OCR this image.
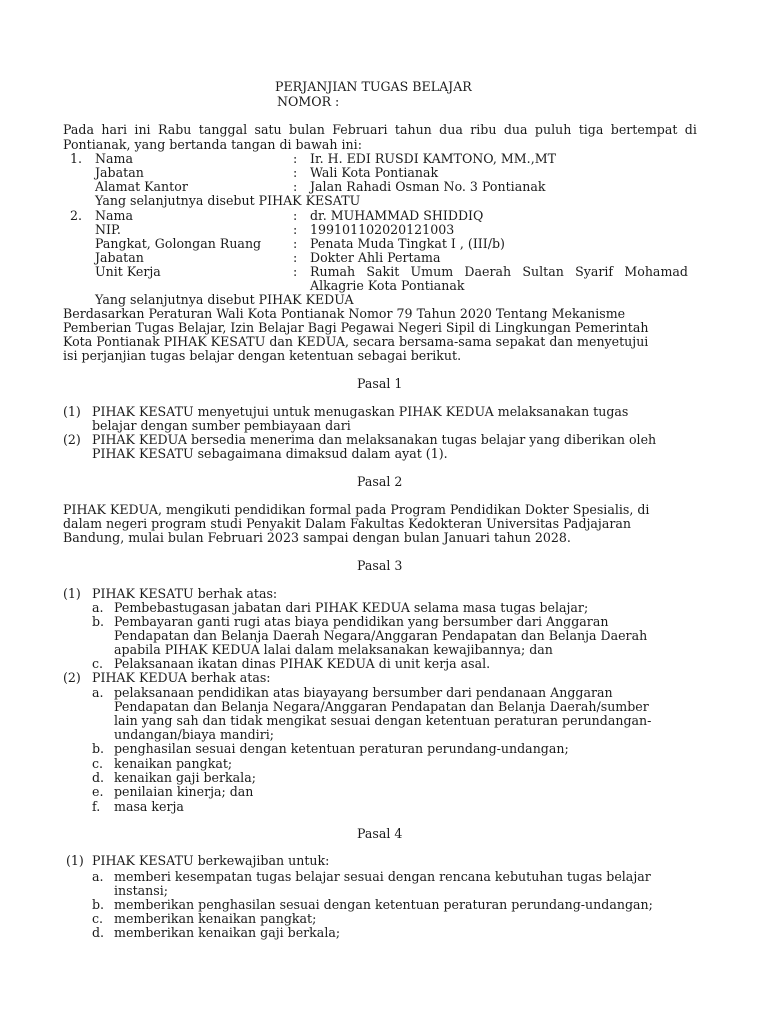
PERJANJIAN TUGAS BELAJAR
NOMOR :
Pada hari ini Rabu tanggal satu bulan Februari tahun dua ribu dua puluh tiga bertempat di
Pontianak, yang bertanda tangan di bawah ini:
1. Nama	: Ir. H. EDI RUSDI KAMTONO, MM.,MT
Jabatan	: Wali Kota Pontianak
Alamat Kantor	: Jalan Rahadi Osman No. 3 Pontianak
Yang selanjutnya disebut PIHAK KESATU
2. Nama	: dr. MUHAMMAD SHIDDIQ
NIP.	: 199101102020121003
Pangkat, Golongan Ruang	: Penata Muda Tingkat I , (III/b)
Jabatan	: Dokter Ahli Pertama
Unit Kerja	: Rumah Sakit Umum Daerah Sultan Syarif Mohamad
Alkagrie Kota Pontianak
Yang selanjutnya disebut PIHAK KEDUA
Berdasarkan Peraturan Wali Kota Pontianak Nomor 79 Tahun 2020 Tentang Mekanisme
Pemberian Tugas Belajar, Izin Belajar Bagi Pegawai Negeri Sipil di Lingkungan Pemerintah
Kota Pontianak PIHAK KESATU dan KEDUA, secara bersama-sama sepakat dan menyetujui
isi perjanjian tugas belajar dengan ketentuan sebagai berikut.
Pasal 1
(1) PIHAK KESATU menyetujui untuk menugaskan PIHAK KEDUA melaksanakan tugas
belajar dengan sumber pembiayaan dari
(2) PIHAK KEDUA bersedia menerima dan melaksanakan tugas belajar yang diberikan oleh
PIHAK KESATU sebagaimana dimaksud dalam ayat (1).
Pasal 2
PIHAK KEDUA, mengikuti pendidikan formal pada Program Pendidikan Dokter Spesialis, di
dalam negeri program studi Penyakit Dalam Fakultas Kedokteran Universitas Padjajaran
Bandung, mulai bulan Februari 2023 sampai dengan bulan Januari tahun 2028.
Pasal 3
(1) PIHAK KESATU berhak atas:
a. Pembebastugasan jabatan dari PIHAK KEDUA selama masa tugas belajar;
b. Pembayaran ganti rugi atas biaya pendidikan yang bersumber dari Anggaran
Pendapatan dan Belanja Daerah Negara/Anggaran Pendapatan dan Belanja Daerah
apabila PIHAK KEDUA lalai dalam melaksanakan kewajibannya; dan
c. Pelaksanaan ikatan dinas PIHAK KEDUA di unit kerja asal.
(2) PIHAK KEDUA berhak atas:
a. pelaksanaan pendidikan atas biayayang bersumber dari pendanaan Anggaran
Pendapatan dan Belanja Negara/Anggaran Pendapatan dan Belanja Daerah/sumber
lain yang sah dan tidak mengikat sesuai dengan ketentuan peraturan perundangan-
undangan/biaya mandiri;
b. penghasilan sesuai dengan ketentuan peraturan perundang-undangan;
c. kenaikan pangkat;
d. kenaikan gaji berkala;
e. penilaian kinerja; dan
f. masa kerja
Pasal 4
(1) PIHAK KESATU berkewajiban untuk:
a. memberi kesempatan tugas belajar sesuai dengan rencana kebutuhan tugas belajar
instansi;
b. memberikan penghasilan sesuai dengan ketentuan peraturan perundang-undangan;
c. memberikan kenaikan pangkat;
d. memberikan kenaikan gaji berkala;
